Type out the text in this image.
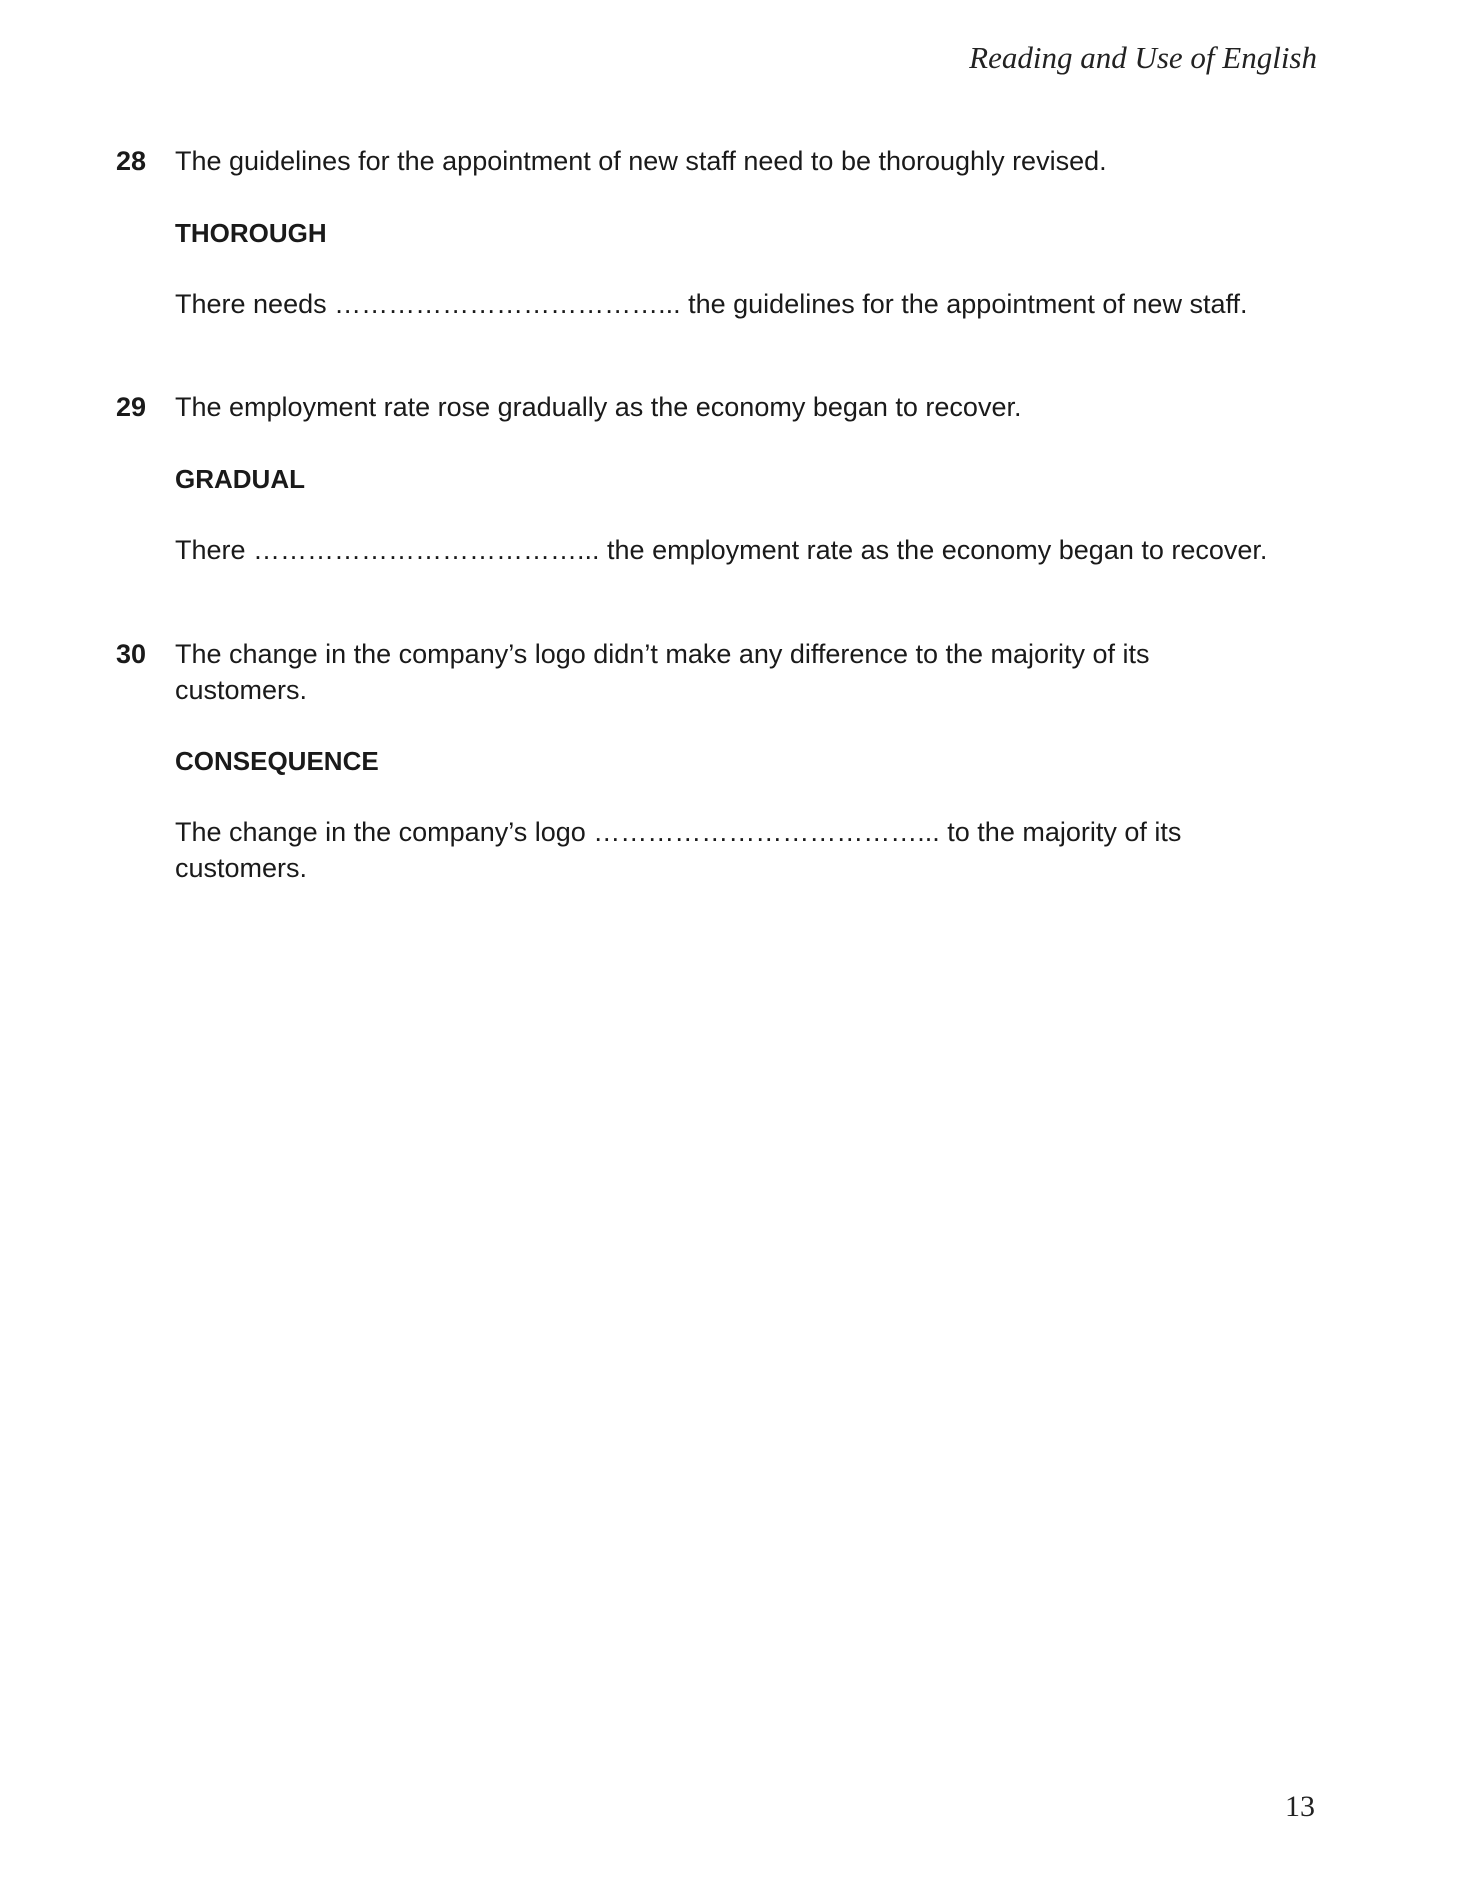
Reading and Use of English
28 The guidelines for the appointment of new staff need to be thoroughly revised.

THOROUGH

There needs ………………………………... the guidelines for the appointment of new staff.

29 The employment rate rose gradually as the economy began to recover.

GRADUAL

There ………………………………... the employment rate as the economy began to recover.

30 The change in the company’s logo didn’t make any difference to the majority of its customers.

CONSEQUENCE

The change in the company’s logo ………………………………... to the majority of its customers.

13
